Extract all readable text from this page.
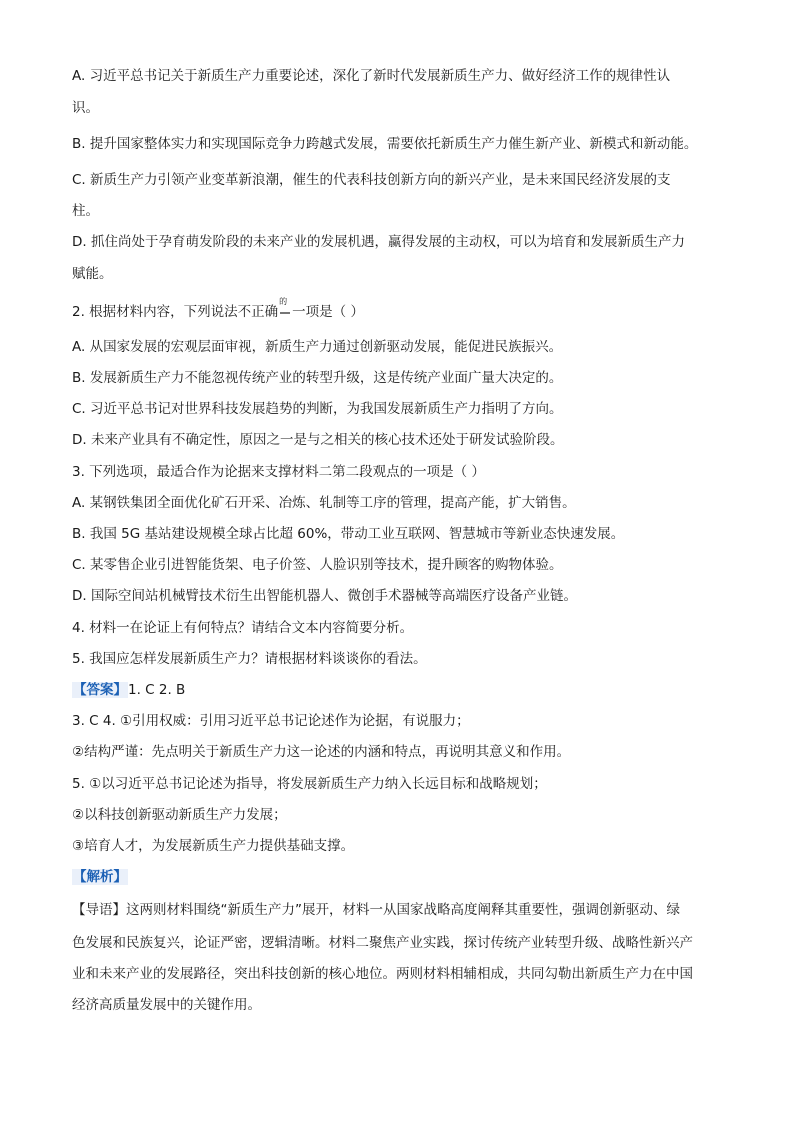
A. 习近平总书记关于新质生产力重要论述，深化了新时代发展新质生产力、做好经济工作的规律性认

识。

B. 提升国家整体实力和实现国际竞争力跨越式发展，需要依托新质生产力催生新产业、新模式和新动能。

C. 新质生产力引领产业变革新浪潮，催生的代表科技创新方向的新兴产业，是未来国民经济发展的支

柱。

D. 抓住尚处于孕育萌发阶段的未来产业的发展机遇，赢得发展的主动权，可以为培育和发展新质生产力

赋能。

2. 根据材料内容，下列说法不正确
的
一项是（ ）

A. 从国家发展的宏观层面审视，新质生产力通过创新驱动发展，能促进民族振兴。

B. 发展新质生产力不能忽视传统产业的转型升级，这是传统产业面广量大决定的。

C. 习近平总书记对世界科技发展趋势的判断，为我国发展新质生产力指明了方向。

D. 未来产业具有不确定性，原因之一是与之相关的核心技术还处于研发试验阶段。

3. 下列选项，最适合作为论据来支撑材料二第二段观点的一项是（ ）

A. 某钢铁集团全面优化矿石开采、冶炼、轧制等工序的管理，提高产能，扩大销售。

B. 我国 5G 基站建设规模全球占比超 60%，带动工业互联网、智慧城市等新业态快速发展。

C. 某零售企业引进智能货架、电子价签、人脸识别等技术，提升顾客的购物体验。

D. 国际空间站机械臂技术衍生出智能机器人、微创手术器械等高端医疗设备产业链。

4. 材料一在论证上有何特点？请结合文本内容简要分析。

5. 我国应怎样发展新质生产力？请根据材料谈谈你的看法。

【答案】1. C 2. B

3. C 4. ①引用权威：引用习近平总书记论述作为论据，有说服力；

②结构严谨：先点明关于新质生产力这一论述的内涵和特点，再说明其意义和作用。

5. ①以习近平总书记论述为指导，将发展新质生产力纳入长远目标和战略规划；

②以科技创新驱动新质生产力发展；

③培育人才，为发展新质生产力提供基础支撑。

【解析】

【导语】这两则材料围绕“新质生产力”展开，材料一从国家战略高度阐释其重要性，强调创新驱动、绿

色发展和民族复兴，论证严密，逻辑清晰。材料二聚焦产业实践，探讨传统产业转型升级、战略性新兴产

业和未来产业的发展路径，突出科技创新的核心地位。两则材料相辅相成，共同勾勒出新质生产力在中国

经济高质量发展中的关键作用。
